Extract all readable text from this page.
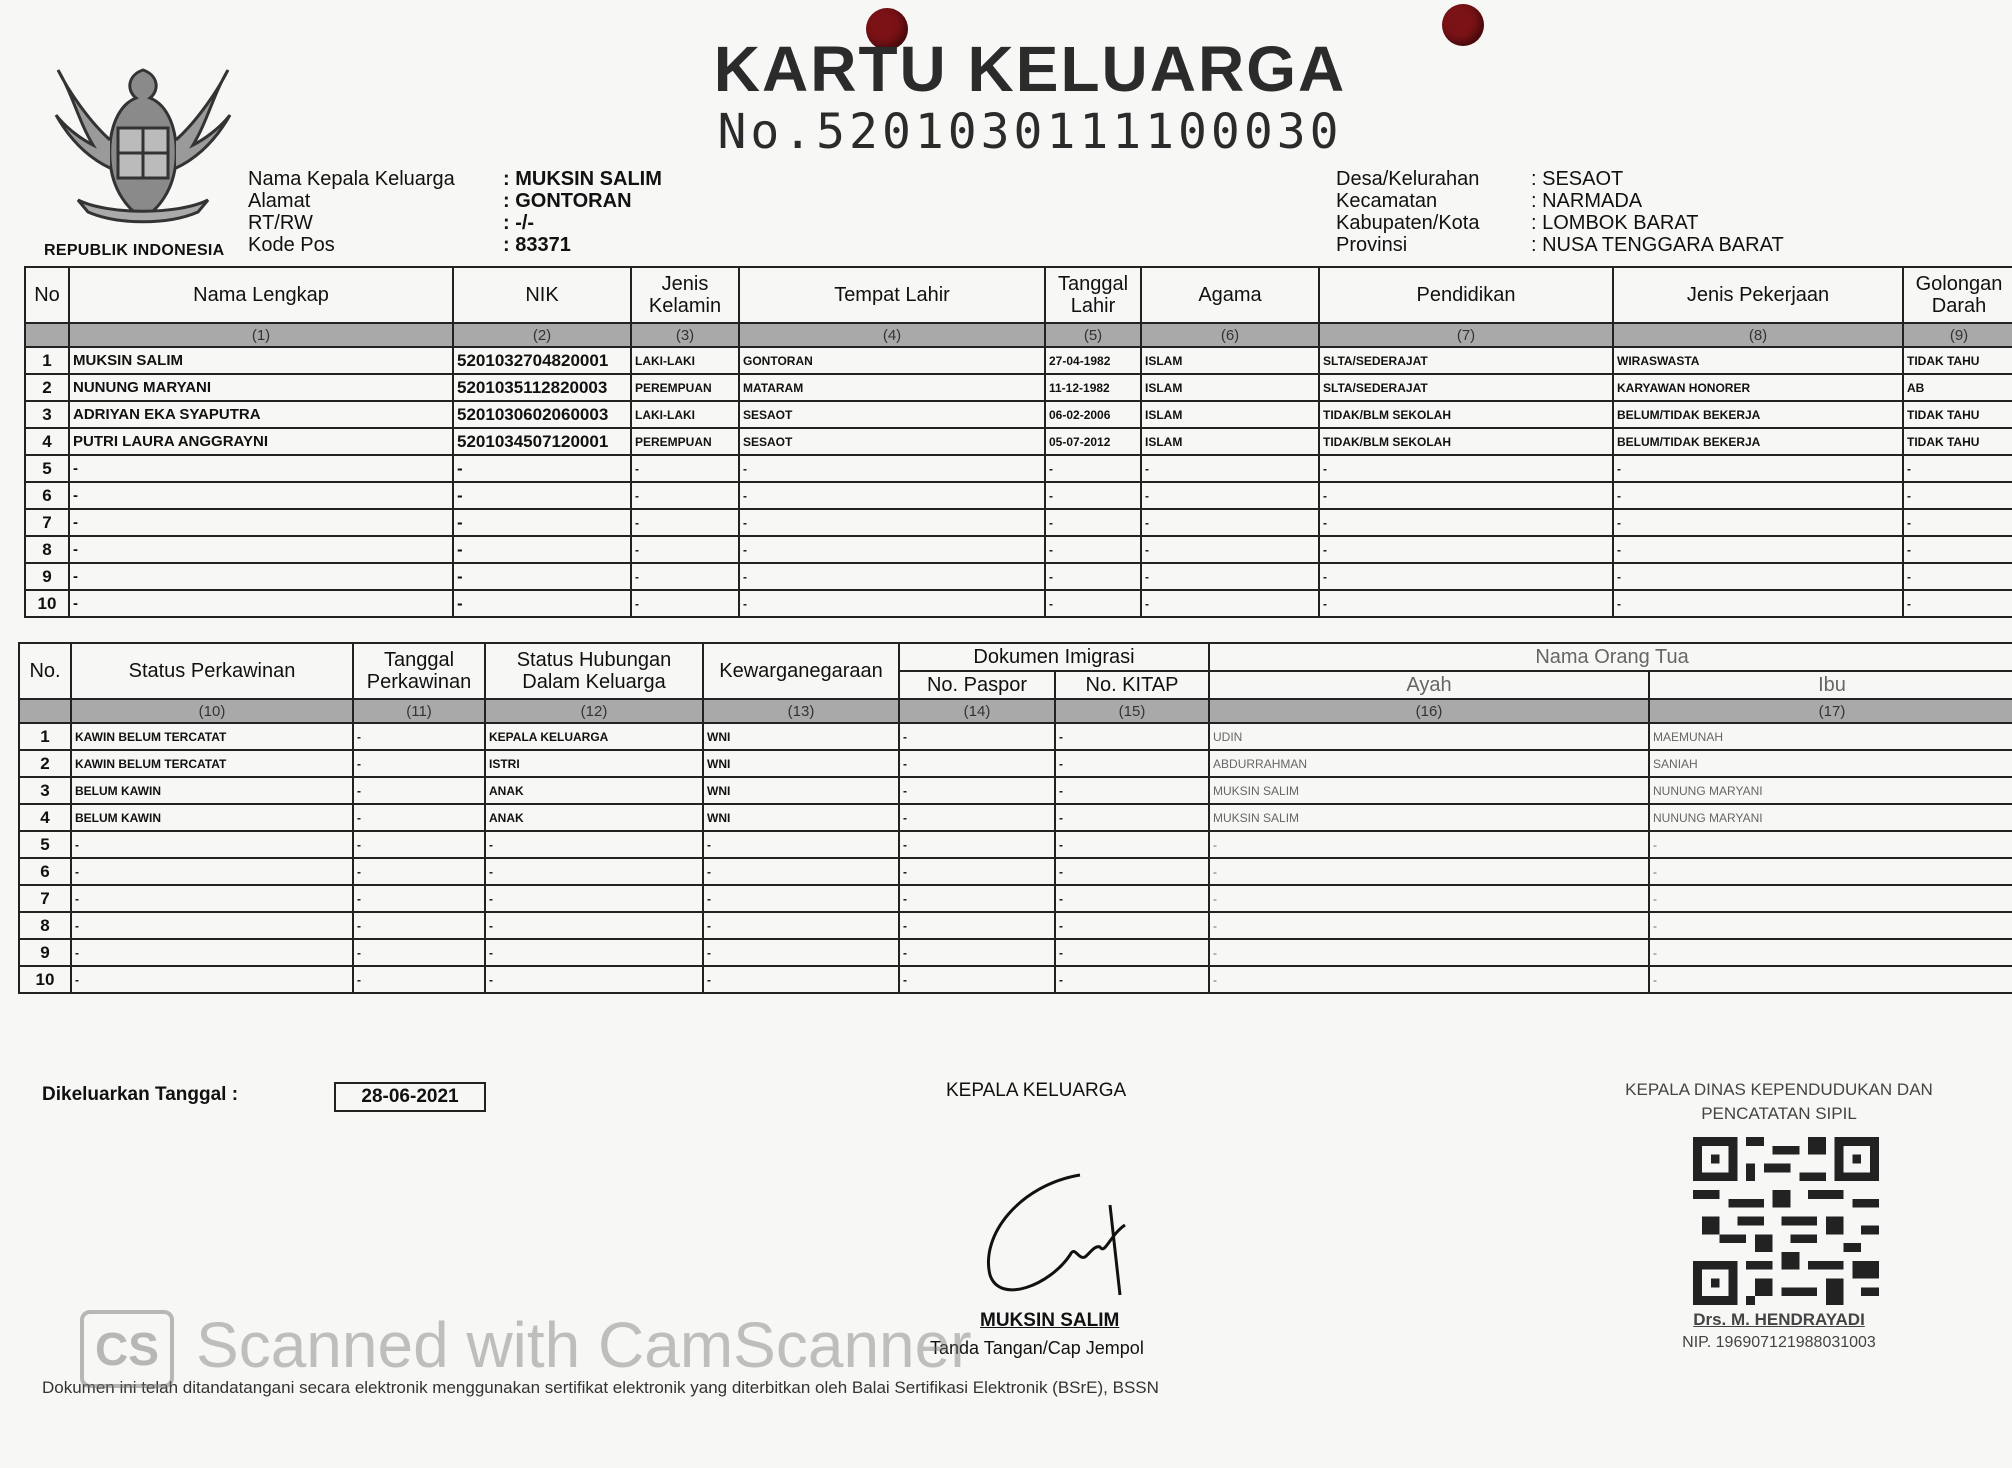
REPUBLIK INDONESIA
KARTU KELUARGA
No.5201030111100030
Nama Kepala Keluarga	: MUKSIN SALIM
Alamat	: GONTORAN
RT/RW	: -/-
Kode Pos	: 83371
Desa/Kelurahan	: SESAOT
Kecamatan	: NARMADA
Kabupaten/Kota	: LOMBOK BARAT
Provinsi	: NUSA TENGGARA BARAT
No	Nama Lengkap	NIK	Jenis Kelamin	Tempat Lahir	Tanggal Lahir	Agama	Pendidikan	Jenis Pekerjaan	Golongan Darah
	(1)	(2)	(3)	(4)	(5)	(6)	(7)	(8)	(9)
1	MUKSIN SALIM	5201032704820001	LAKI-LAKI	GONTORAN	27-04-1982	ISLAM	SLTA/SEDERAJAT	WIRASWASTA	TIDAK TAHU
2	NUNUNG MARYANI	5201035112820003	PEREMPUAN	MATARAM	11-12-1982	ISLAM	SLTA/SEDERAJAT	KARYAWAN HONORER	AB
3	ADRIYAN EKA SYAPUTRA	5201030602060003	LAKI-LAKI	SESAOT	06-02-2006	ISLAM	TIDAK/BLM SEKOLAH	BELUM/TIDAK BEKERJA	TIDAK TAHU
4	PUTRI LAURA ANGGRAYNI	5201034507120001	PEREMPUAN	SESAOT	05-07-2012	ISLAM	TIDAK/BLM SEKOLAH	BELUM/TIDAK BEKERJA	TIDAK TAHU
5	-	-	-	-	-	-	-	-	-
6	-	-	-	-	-	-	-	-	-
7	-	-	-	-	-	-	-	-	-
8	-	-	-	-	-	-	-	-	-
9	-	-	-	-	-	-	-	-	-
10	-	-	-	-	-	-	-	-	-
No.	Status Perkawinan	Tanggal Perkawinan	Status Hubungan Dalam Keluarga	Kewarganegaraan	Dokumen Imigrasi		Nama Orang Tua	
					No. Paspor	No. KITAP	Ayah	Ibu
	(10)	(11)	(12)	(13)	(14)	(15)	(16)	(17)
1	KAWIN BELUM TERCATAT	-	KEPALA KELUARGA	WNI	-	-	UDIN	MAEMUNAH
2	KAWIN BELUM TERCATAT	-	ISTRI	WNI	-	-	ABDURRAHMAN	SANIAH
3	BELUM KAWIN	-	ANAK	WNI	-	-	MUKSIN SALIM	NUNUNG MARYANI
4	BELUM KAWIN	-	ANAK	WNI	-	-	MUKSIN SALIM	NUNUNG MARYANI
5	-	-	-	-	-	-	-	-
6	-	-	-	-	-	-	-	-
7	-	-	-	-	-	-	-	-
8	-	-	-	-	-	-	-	-
9	-	-	-	-	-	-	-	-
10	-	-	-	-	-	-	-	-
Dikeluarkan Tanggal :	28-06-2021	KEPALA KELUARGA
MUKSIN SALIM
Tanda Tangan/Cap Jempol
KEPALA DINAS KEPENDUDUKAN DAN
PENCATATAN SIPIL
Drs. M. HENDRAYADI
NIP. 196907121988031003
Dokumen ini telah ditandatangani secara elektronik menggunakan sertifikat elektronik yang diterbitkan oleh Balai Sertifikasi Elektronik (BSrE), BSSN
CS Scanned with CamScanner
